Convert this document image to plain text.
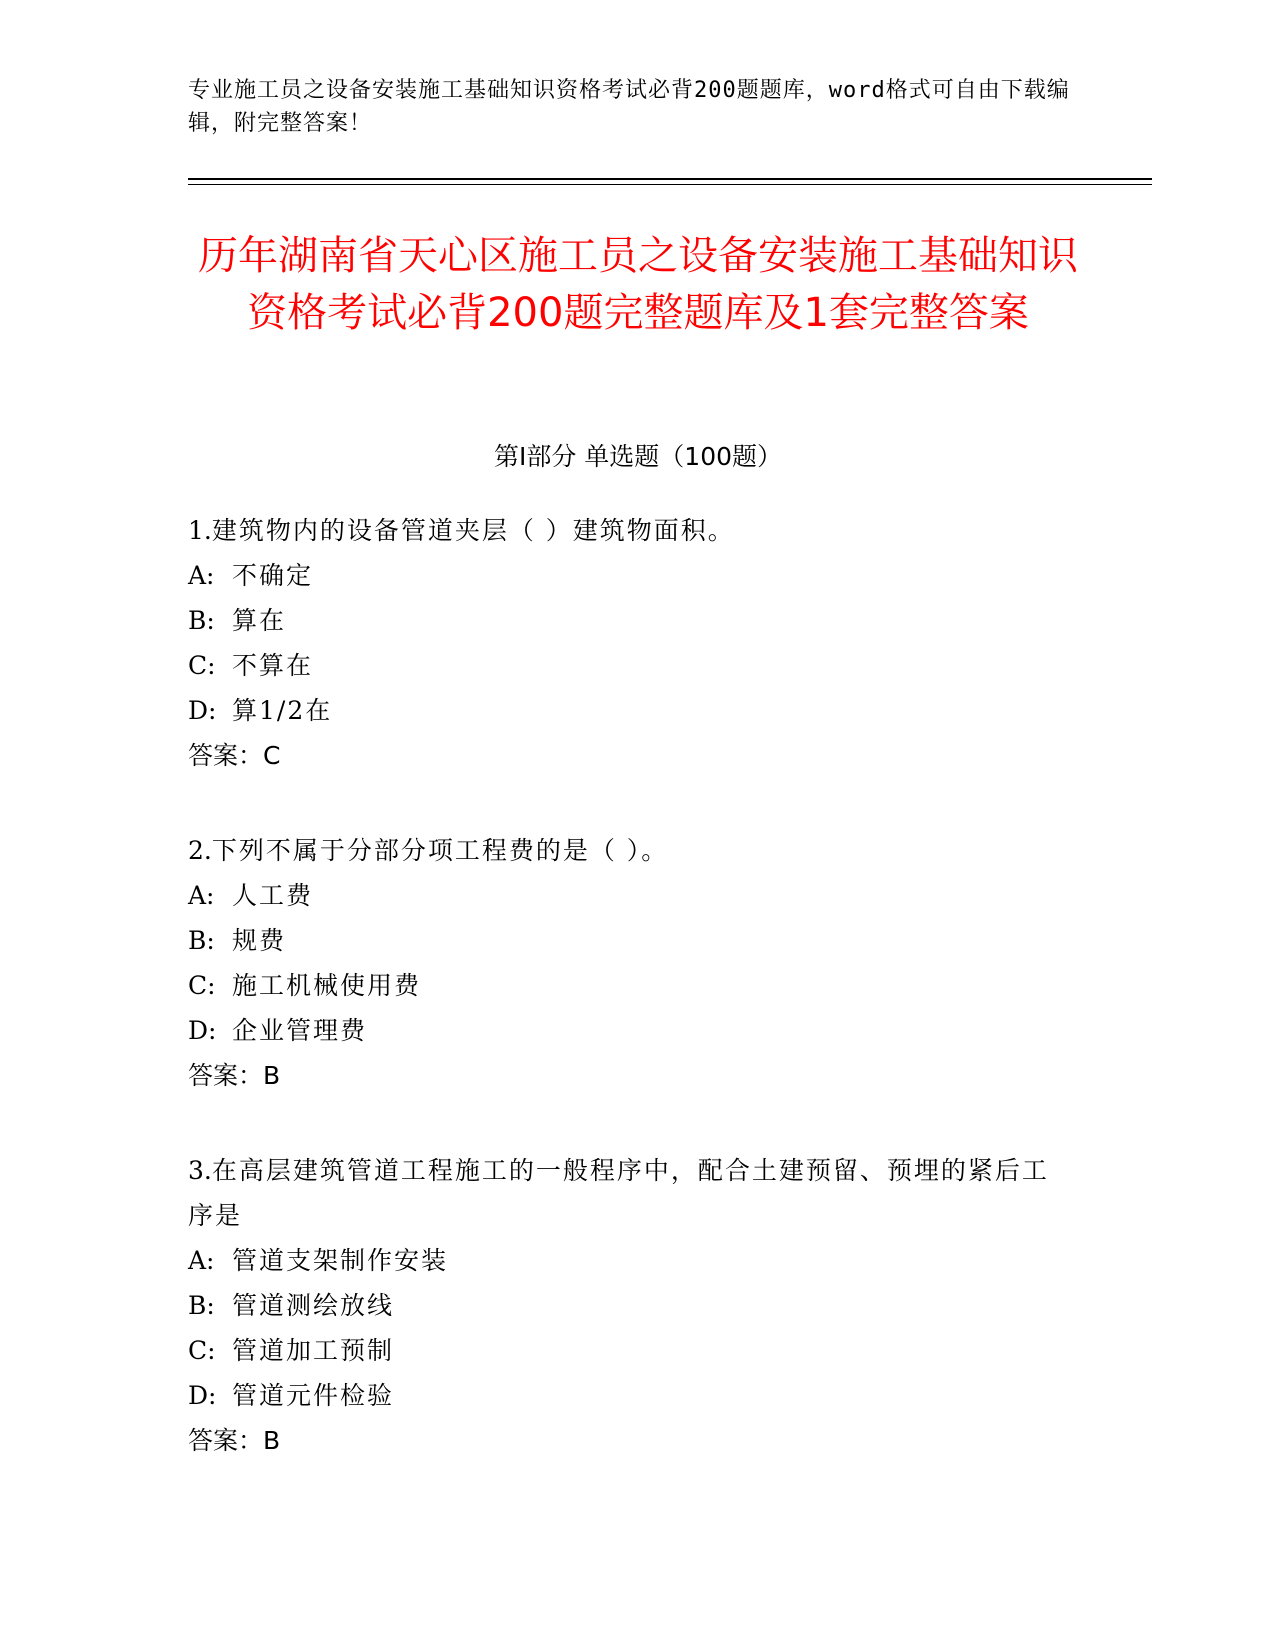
专业施工员之设备安装施工基础知识资格考试必背200题题库，word格式可自由下载编辑，附完整答案！
历年湖南省天心区施工员之设备安装施工基础知识资格考试必背200题完整题库及1套完整答案
第I部分 单选题（100题）
1.建筑物内的设备管道夹层（ ）建筑物面积。
A: 不确定
B: 算在
C: 不算在
D: 算1/2在
答案：C
2.下列不属于分部分项工程费的是（ ）。
A: 人工费
B: 规费
C: 施工机械使用费
D: 企业管理费
答案：B
3.在高层建筑管道工程施工的一般程序中，配合土建预留、预埋的紧后工序是
A: 管道支架制作安装
B: 管道测绘放线
C: 管道加工预制
D: 管道元件检验
答案：B
